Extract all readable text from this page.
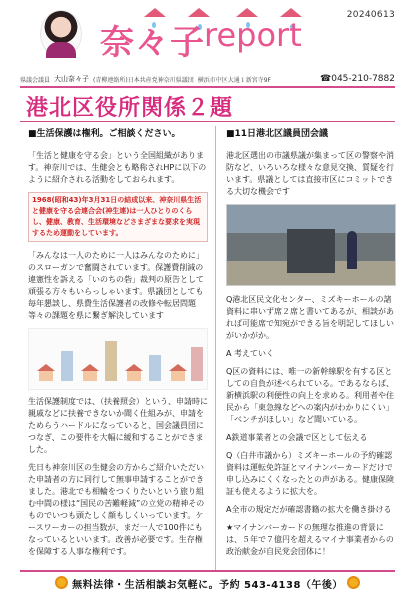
20240613
奈々子 report
県議会議員 大山奈々子 (青柳連絡所)日本共産党神奈川県議団 横浜市中区大通１新宮寺9F	☎045-210-7882
港北区役所関係２題
■生活保護は権利。ご相談ください。

「生活と健康を守る会」という全国組織があります。神奈川では、生健会とも略称されHPに以下のように紹介される活動をしておられます。

1968(昭和43)年3月31日の結成以来、神奈川県生活と健康を守る会連合会(神生連)は一人ひとりのくらし、健康、教育、生活環境などさまざまな要求を実現するため運動をしています。

「みんなは一人のために一人はみんなのために」のスローガンで奮闘されています。保護費削減の違憲性を訴える「いのちの砦」裁判の原告として頑張る方々もいらっしゃいます。県議団としても毎年懇談し、県費生活保護者の改修や転居問題等々の課題を県に繋ぎ解決しています

生活保護制度では、（扶養照会）という、申請時に親戚などに扶養できないか聞く仕組みが、申請をためらうハードルになっていると、国会議員団につなぎ、この要件を大幅に緩和することができました。

先日も神奈川区の生健会の方からご紹介いただいた申請者の方に同行して無事申請することができました。港北でも相輪をつくりたいという旅り組む中間の様は“国民の苦難軽減”の立党の精神そのものでいつも頭たしく顔もしくいっています。ケースワーカーの担当数が、まだ一人で100件にもなっているといいます。改善が必要です。生存権を保障する人事な権利です。

■11日港北区議員団会議

港北区選出の市議県議が集まって区の警察や消防など、いろいろな様々な意見交換、質疑を行います。県議としては直接市区にコミットできる大切な機会です

Q港北区民文化センター、ミズキーホールの諸資料に串いず席２席と書いてあるが、相談があれば可能席で知宛ができる旨を明記してほしいがいかがか。

A 考えていく

Q区の資料には、唯一の新幹線駅を有する区としての自負が述べられている。であるならば、新横浜駅の利便性の向上を求める。利用者や住民から「東急線などへの案内がわかりにくい」「ベンチがほしい」など聞いている。

A鉄道事業者との会議で区として伝える

Q（白井市議から）ミズキーホールの予約確認資料は運転免許証とマイナンバーカードだけで申し込みにくくなったとの声がある。健康保険証も使えるように拡大を。

A全市の規定だが確認書籍の拡大を働き掛ける

★マイナンバーカードの無理な推進の背景には、５年で７億円を超えるマイナ事業者からの政治献金が自民党会団体に！

無料法律・生活相談お気軽に。予約 543-4138（午後）
